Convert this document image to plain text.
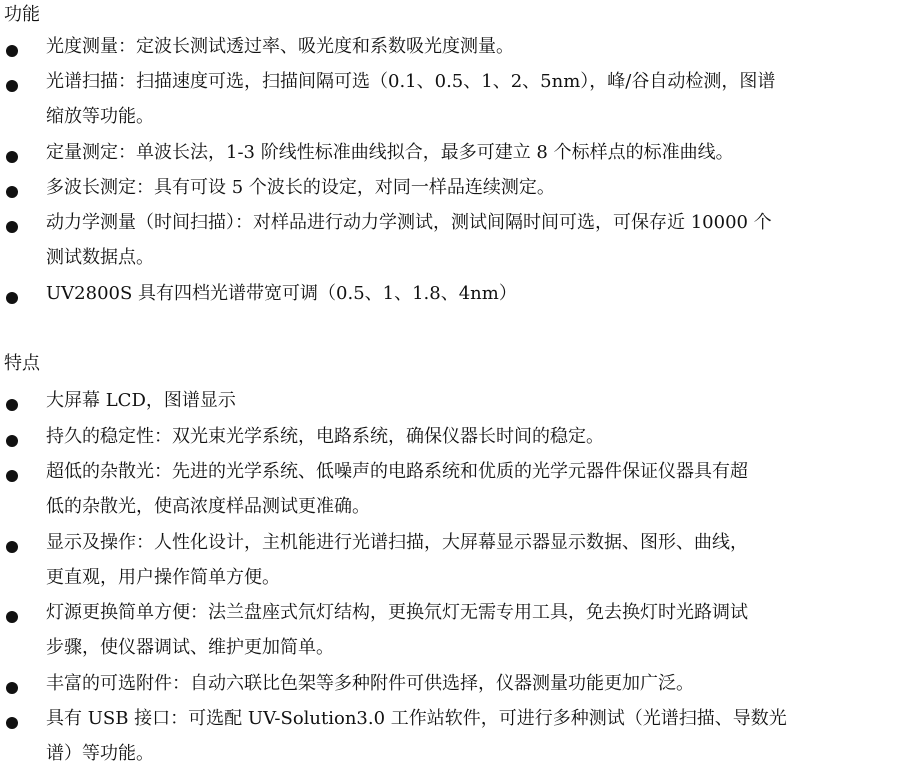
功能
光度测量：定波长测试透过率、吸光度和系数吸光度测量。
光谱扫描：扫描速度可选，扫描间隔可选（0.1、0.5、1、2、5nm），峰/谷自动检测，图谱
缩放等功能。
定量测定：单波长法，1-3 阶线性标准曲线拟合，最多可建立 8 个标样点的标准曲线。
多波长测定：具有可设 5 个波长的设定，对同一样品连续测定。
动力学测量（时间扫描）：对样品进行动力学测试，测试间隔时间可选，可保存近 10000 个
测试数据点。
UV2800S 具有四档光谱带宽可调（0.5、1、1.8、4nm）
特点
大屏幕 LCD，图谱显示
持久的稳定性：双光束光学系统，电路系统，确保仪器长时间的稳定。
超低的杂散光：先进的光学系统、低噪声的电路系统和优质的光学元器件保证仪器具有超
低的杂散光，使高浓度样品测试更准确。
显示及操作：人性化设计，主机能进行光谱扫描，大屏幕显示器显示数据、图形、曲线，
更直观，用户操作简单方便。
灯源更换简单方便：法兰盘座式氘灯结构，更换氘灯无需专用工具，免去换灯时光路调试
步骤，使仪器调试、维护更加简单。
丰富的可选附件：自动六联比色架等多种附件可供选择，仪器测量功能更加广泛。
具有 USB 接口：可选配 UV-Solution3.0 工作站软件，可进行多种测试（光谱扫描、导数光
谱）等功能。
